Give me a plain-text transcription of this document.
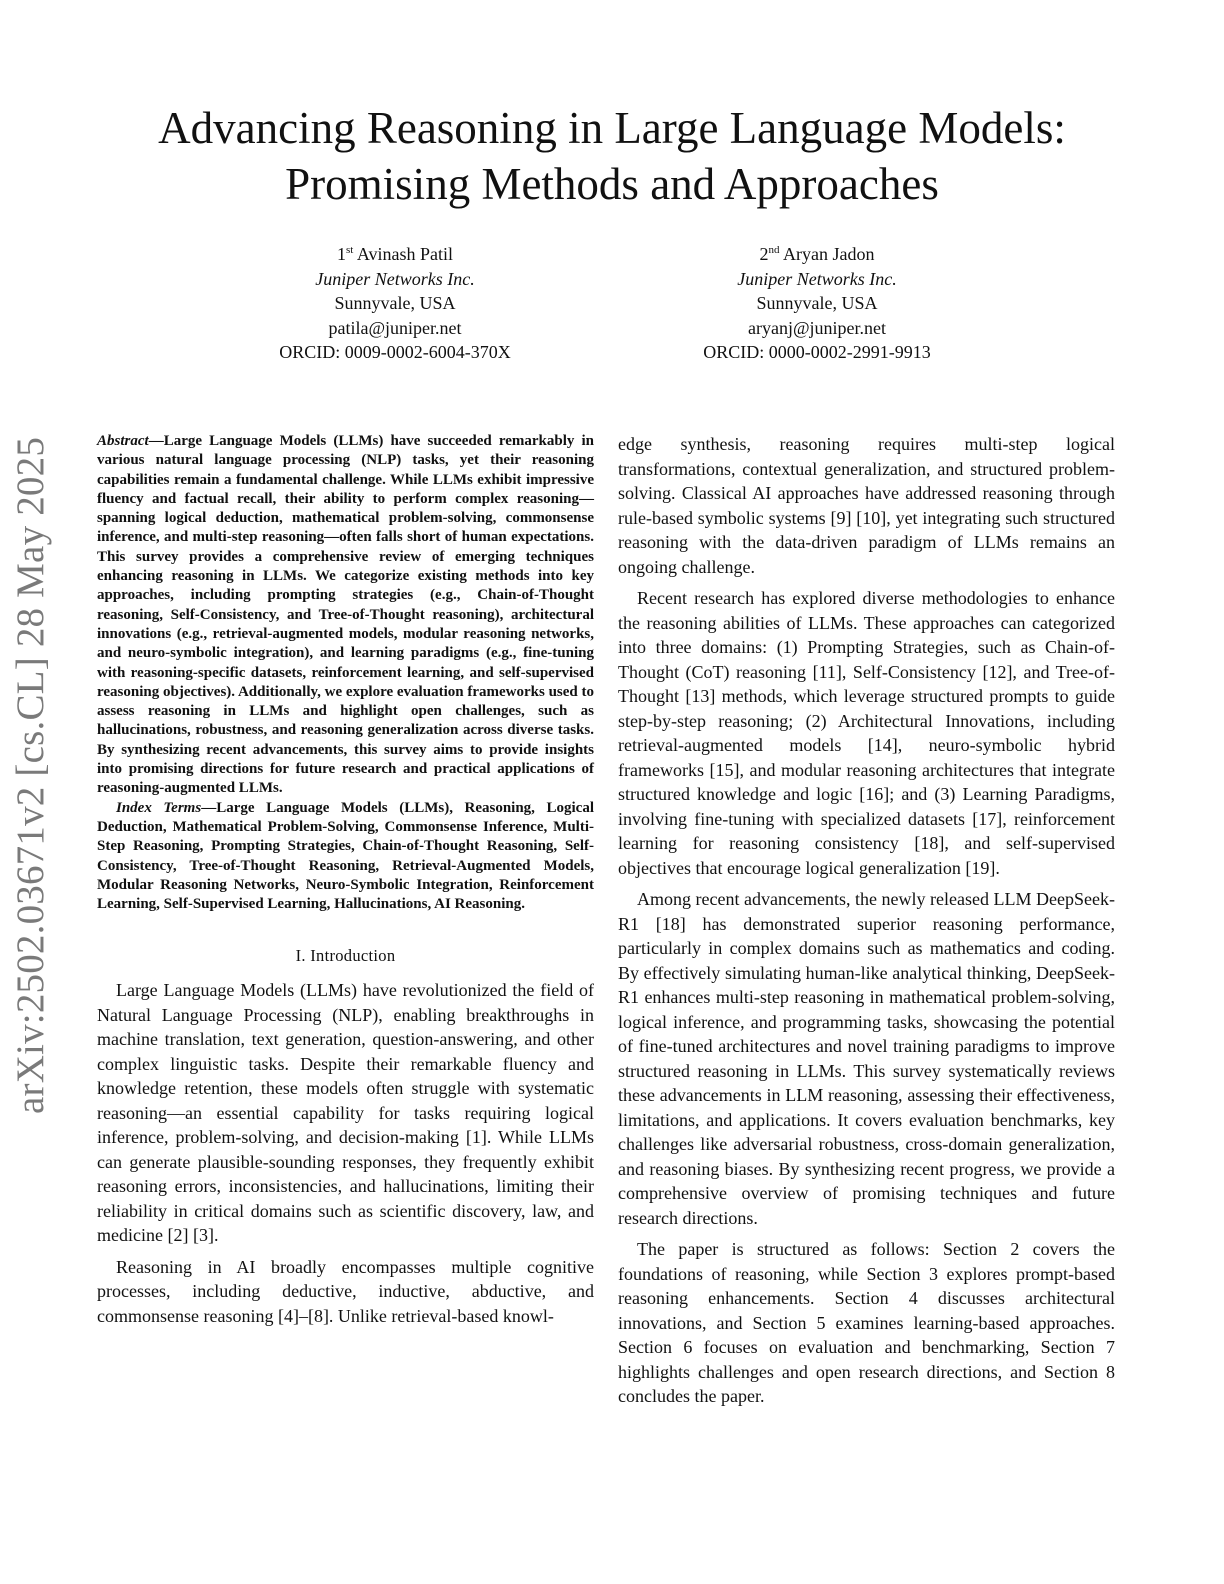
arXiv:2502.03671v2 [cs.CL] 28 May 2025
Advancing Reasoning in Large Language Models:
Promising Methods and Approaches
1st Avinash Patil
Juniper Networks Inc.
Sunnyvale, USA
patila@juniper.net
ORCID: 0009-0002-6004-370X
2nd Aryan Jadon
Juniper Networks Inc.
Sunnyvale, USA
aryanj@juniper.net
ORCID: 0000-0002-2991-9913

Abstract—Large Language Models (LLMs) have succeeded remarkably in various natural language processing (NLP) tasks, yet their reasoning capabilities remain a fundamental challenge. While LLMs exhibit impressive fluency and factual recall, their ability to perform complex reasoning—spanning logical deduction, mathematical problem-solving, commonsense inference, and multi-step reasoning—often falls short of human expectations. This survey provides a comprehensive review of emerging techniques enhancing reasoning in LLMs. We categorize existing methods into key approaches, including prompting strategies (e.g., Chain-of-Thought reasoning, Self-Consistency, and Tree-of-Thought reasoning), architectural innovations (e.g., retrieval-augmented models, modular reasoning networks, and neuro-symbolic integration), and learning paradigms (e.g., fine-tuning with reasoning-specific datasets, reinforcement learning, and self-supervised reasoning objectives). Additionally, we explore evaluation frameworks used to assess reasoning in LLMs and highlight open challenges, such as hallucinations, robustness, and reasoning generalization across diverse tasks. By synthesizing recent advancements, this survey aims to provide insights into promising directions for future research and practical applications of reasoning-augmented LLMs.

Index Terms—Large Language Models (LLMs), Reasoning, Logical Deduction, Mathematical Problem-Solving, Commonsense Inference, Multi-Step Reasoning, Prompting Strategies, Chain-of-Thought Reasoning, Self-Consistency, Tree-of-Thought Reasoning, Retrieval-Augmented Models, Modular Reasoning Networks, Neuro-Symbolic Integration, Reinforcement Learning, Self-Supervised Learning, Hallucinations, AI Reasoning.

I. Introduction

Large Language Models (LLMs) have revolutionized the field of Natural Language Processing (NLP), enabling breakthroughs in machine translation, text generation, question-answering, and other complex linguistic tasks. Despite their remarkable fluency and knowledge retention, these models often struggle with systematic reasoning—an essential capability for tasks requiring logical inference, problem-solving, and decision-making [1]. While LLMs can generate plausible-sounding responses, they frequently exhibit reasoning errors, inconsistencies, and hallucinations, limiting their reliability in critical domains such as scientific discovery, law, and medicine [2] [3].

Reasoning in AI broadly encompasses multiple cognitive processes, including deductive, inductive, abductive, and commonsense reasoning [4]–[8]. Unlike retrieval-based knowl-

edge synthesis, reasoning requires multi-step logical transformations, contextual generalization, and structured problem-solving. Classical AI approaches have addressed reasoning through rule-based symbolic systems [9] [10], yet integrating such structured reasoning with the data-driven paradigm of LLMs remains an ongoing challenge.

Recent research has explored diverse methodologies to enhance the reasoning abilities of LLMs. These approaches can categorized into three domains: (1) Prompting Strategies, such as Chain-of-Thought (CoT) reasoning [11], Self-Consistency [12], and Tree-of-Thought [13] methods, which leverage structured prompts to guide step-by-step reasoning; (2) Architectural Innovations, including retrieval-augmented models [14], neuro-symbolic hybrid frameworks [15], and modular reasoning architectures that integrate structured knowledge and logic [16]; and (3) Learning Paradigms, involving fine-tuning with specialized datasets [17], reinforcement learning for reasoning consistency [18], and self-supervised objectives that encourage logical generalization [19].

Among recent advancements, the newly released LLM DeepSeek-R1 [18] has demonstrated superior reasoning performance, particularly in complex domains such as mathematics and coding. By effectively simulating human-like analytical thinking, DeepSeek-R1 enhances multi-step reasoning in mathematical problem-solving, logical inference, and programming tasks, showcasing the potential of fine-tuned architectures and novel training paradigms to improve structured reasoning in LLMs. This survey systematically reviews these advancements in LLM reasoning, assessing their effectiveness, limitations, and applications. It covers evaluation benchmarks, key challenges like adversarial robustness, cross-domain generalization, and reasoning biases. By synthesizing recent progress, we provide a comprehensive overview of promising techniques and future research directions.

The paper is structured as follows: Section 2 covers the foundations of reasoning, while Section 3 explores prompt-based reasoning enhancements. Section 4 discusses architectural innovations, and Section 5 examines learning-based approaches. Section 6 focuses on evaluation and benchmarking, Section 7 highlights challenges and open research directions, and Section 8 concludes the paper.
